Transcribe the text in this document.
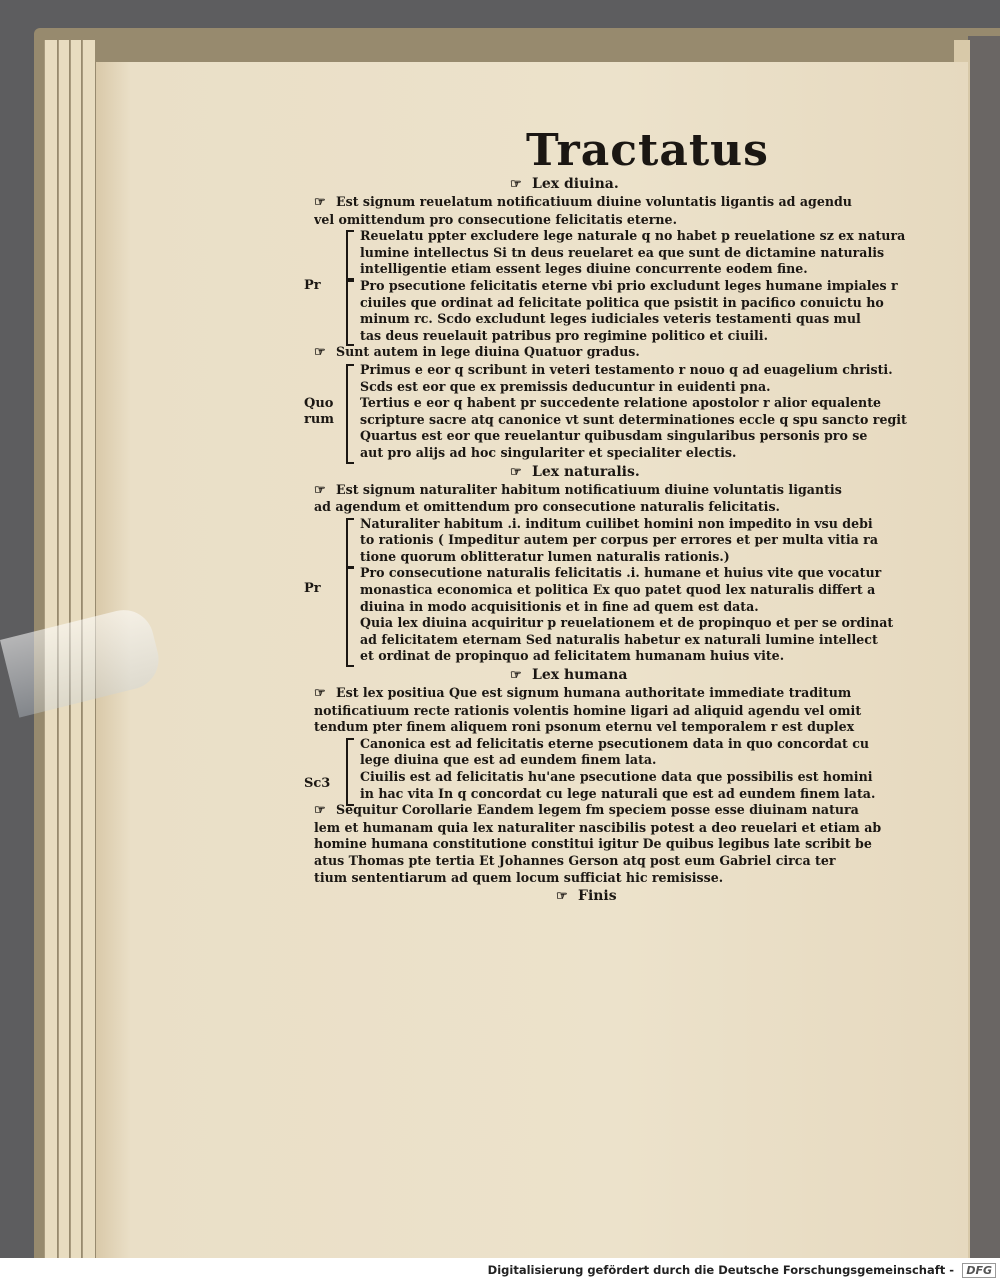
Tractatus
☞ Lex diuina.

☞ Est signum reuelatum notificatiuum diuine voluntatis ligantis ad agendu

vel omittendum pro consecutione felicitatis eterne.

Reuelatu ppter excludere lege naturale q no habet p reuelatione sz ex natura

lumine intellectus Si tn deus reuelaret ea que sunt de dictamine naturalis

intelligentie etiam essent leges diuine concurrente eodem fine.

Pr	Pro psecutione felicitatis eterne vbi prio excludunt leges humane impiales r

ciuiles que ordinat ad felicitate politica que psistit in pacifico conuictu ho

minum rc. Scdo excludunt leges iudiciales veteris testamenti quas mul

tas deus reuelauit patribus pro regimine politico et ciuili.

☞ Sunt autem in lege diuina Quatuor gradus.

Quo
rum

Primus e eor q scribunt in veteri testamento r nouo q ad euagelium christi.

Scds est eor que ex premissis deducuntur in euidenti pna.

Tertius e eor q habent pr succedente relatione apostolor r alior equalente

scripture sacre atq canonice vt sunt determinationes eccle q spu sancto regit

Quartus est eor que reuelantur quibusdam singularibus personis pro se

aut pro alijs ad hoc singulariter et specialiter electis.

☞ Lex naturalis.

☞ Est signum naturaliter habitum notificatiuum diuine voluntatis ligantis

ad agendum et omittendum pro consecutione naturalis felicitatis.

Naturaliter habitum .i. inditum cuilibet homini non impedito in vsu debi

to rationis ( Impeditur autem per corpus per errores et per multa vitia ra

tione quorum oblitteratur lumen naturalis rationis.)

Pr

Pro consecutione naturalis felicitatis .i. humane et huius vite que vocatur

monastica economica et politica Ex quo patet quod lex naturalis differt a

diuina in modo acquisitionis et in fine ad quem est data.

Quia lex diuina acquiritur p reuelationem et de propinquo et per se ordinat

ad felicitatem eternam Sed naturalis habetur ex naturali lumine intellect

et ordinat de propinquo ad felicitatem humanam huius vite.

☞ Lex humana

☞ Est lex positiua Que est signum humana authoritate immediate traditum

notificatiuum recte rationis volentis homine ligari ad aliquid agendu vel omit

tendum pter finem aliquem roni psonum eternu vel temporalem r est duplex

Sc3

Canonica est ad felicitatis eterne psecutionem data in quo concordat cu

lege diuina que est ad eundem finem lata.

Ciuilis est ad felicitatis hu'ane psecutione data que possibilis est homini

in hac vita In q concordat cu lege naturali que est ad eundem finem lata.

☞ Sequitur Corollarie Eandem legem fm speciem posse esse diuinam natura

lem et humanam quia lex naturaliter nascibilis potest a deo reuelari et etiam ab

homine humana constitutione constitui igitur De quibus legibus late scribit be

atus Thomas pte tertia Et Johannes Gerson atq post eum Gabriel circa ter

tium sententiarum ad quem locum sufficiat hic remisisse.

☞ Finis
Digitalisierung gefördert durch die Deutsche Forschungsgemeinschaft -	DFG
